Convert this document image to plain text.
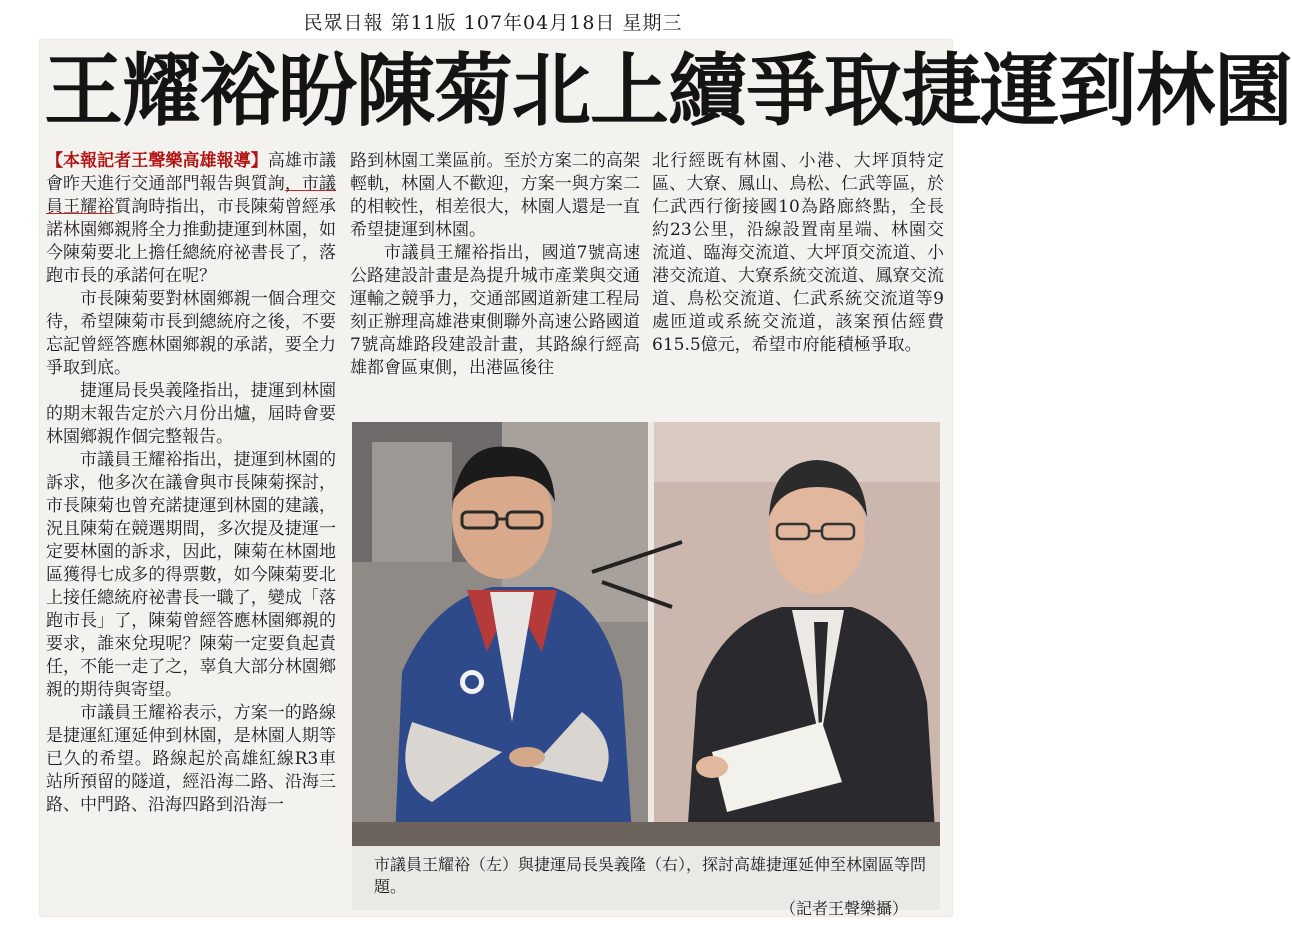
民眾日報 第11版 107年04月18日 星期三
王耀裕盼陳菊北上續爭取捷運到林園

【本報記者王聲樂高雄報導】高雄市議會昨天進行交通部門報告與質詢，市議員王耀裕質詢時指出，市長陳菊曾經承諾林園鄉親將全力推動捷運到林園，如今陳菊要北上擔任總統府祕書長了，落跑市長的承諾何在呢？

市長陳菊要對林園鄉親一個合理交待，希望陳菊市長到總統府之後，不要忘記曾經答應林園鄉親的承諾，要全力爭取到底。

捷運局長吳義隆指出，捷運到林園的期末報告定於六月份出爐，屆時會要林園鄉親作個完整報告。

市議員王耀裕指出，捷運到林園的訴求，他多次在議會與市長陳菊探討，市長陳菊也曾充諾捷運到林園的建議，況且陳菊在競選期間，多次提及捷運一定要林園的訴求，因此，陳菊在林園地區獲得七成多的得票數，如今陳菊要北上接任總統府祕書長一職了，變成「落跑市長」了，陳菊曾經答應林園鄉親的要求，誰來兌現呢？陳菊一定要負起責任，不能一走了之，辜負大部分林園鄉親的期待與寄望。

市議員王耀裕表示，方案一的路線是捷運紅運延伸到林園，是林園人期等已久的希望。路線起於高雄紅線R3車站所預留的隧道，經沿海二路、沿海三路、中門路、沿海四路到沿海一

路到林園工業區前。至於方案二的高架輕軌，林園人不歡迎，方案一與方案二的相較性，相差很大，林園人還是一直希望捷運到林園。

市議員王耀裕指出，國道7號高速公路建設計畫是為提升城市產業與交通運輸之競爭力，交通部國道新建工程局刻正辦理高雄港東側聯外高速公路國道7號高雄路段建設計畫，其路線行經高雄都會區東側，出港區後往

北行經既有林園、小港、大坪頂特定區、大寮、鳳山、鳥松、仁武等區，於仁武西行銜接國10為路廊終點，全長約23公里，沿線設置南星端、林園交流道、臨海交流道、大坪頂交流道、小港交流道、大寮系統交流道、鳳寮交流道、鳥松交流道、仁武系統交流道等9處匝道或系統交流道，該案預估經費615.5億元，希望市府能積極爭取。

市議員王耀裕（左）與捷運局長吳義隆（右），探討高雄捷運延伸至林園區等問題。
（記者王聲樂攝）
